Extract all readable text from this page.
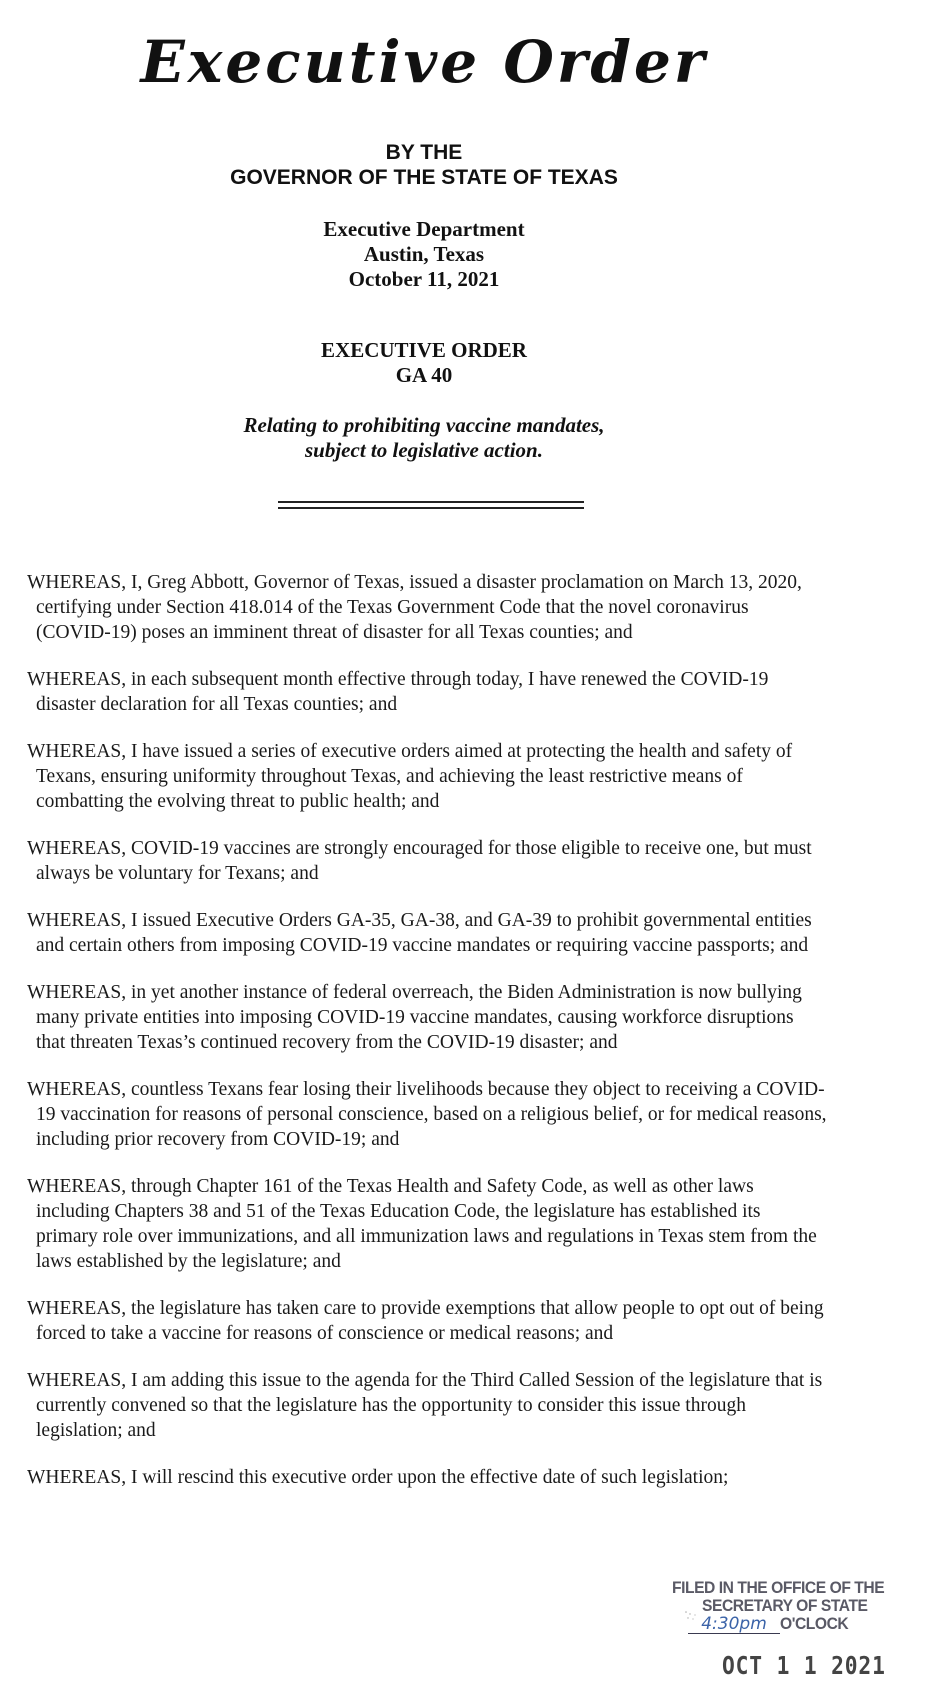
Executive Order
BY THE
GOVERNOR OF THE STATE OF TEXAS
Executive Department
Austin, Texas
October 11, 2021
EXECUTIVE ORDER
GA 40
Relating to prohibiting vaccine mandates,
subject to legislative action.

WHEREAS, I, Greg Abbott, Governor of Texas, issued a disaster proclamation on March 13, 2020, certifying under Section 418.014 of the Texas Government Code that the novel coronavirus (COVID-19) poses an imminent threat of disaster for all Texas counties; and

WHEREAS, in each subsequent month effective through today, I have renewed the COVID-19 disaster declaration for all Texas counties; and

WHEREAS, I have issued a series of executive orders aimed at protecting the health and safety of Texans, ensuring uniformity throughout Texas, and achieving the least restrictive means of combatting the evolving threat to public health; and

WHEREAS, COVID-19 vaccines are strongly encouraged for those eligible to receive one, but must always be voluntary for Texans; and

WHEREAS, I issued Executive Orders GA-35, GA-38, and GA-39 to prohibit governmental entities and certain others from imposing COVID-19 vaccine mandates or requiring vaccine passports; and

WHEREAS, in yet another instance of federal overreach, the Biden Administration is now bullying many private entities into imposing COVID-19 vaccine mandates, causing workforce disruptions that threaten Texas’s continued recovery from the COVID-19 disaster; and

WHEREAS, countless Texans fear losing their livelihoods because they object to receiving a COVID-19 vaccination for reasons of personal conscience, based on a religious belief, or for medical reasons, including prior recovery from COVID-19; and

WHEREAS, through Chapter 161 of the Texas Health and Safety Code, as well as other laws including Chapters 38 and 51 of the Texas Education Code, the legislature has established its primary role over immunizations, and all immunization laws and regulations in Texas stem from the laws established by the legislature; and

WHEREAS, the legislature has taken care to provide exemptions that allow people to opt out of being forced to take a vaccine for reasons of conscience or medical reasons; and

WHEREAS, I am adding this issue to the agenda for the Third Called Session of the legislature that is currently convened so that the legislature has the opportunity to consider this issue through legislation; and

WHEREAS, I will rescind this executive order upon the effective date of such legislation;

FILED IN THE OFFICE OF THE
SECRETARY OF STATE
4:30pm O'CLOCK
OCT 1 1 2021
